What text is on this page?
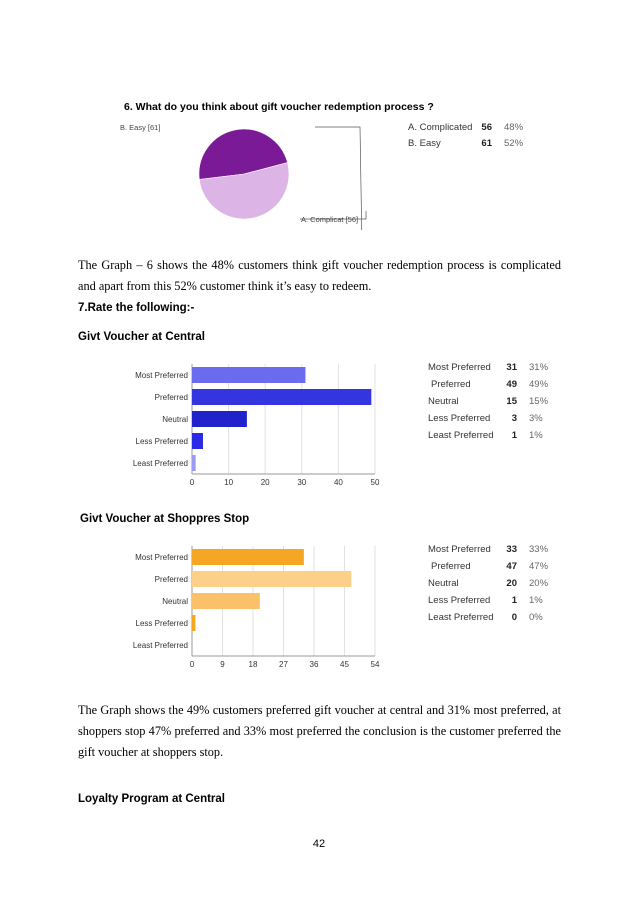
6. What do you think about gift voucher redemption process ?
B. Easy [61]
A. Complicat [56]
A. Complicated 56 48%
B. Easy	61 52%
The Graph – 6 shows the 48% customers think gift voucher redemption process is complicated and apart from this 52% customer think it’s easy to redeem.
7.Rate the following:-
Givt Voucher at Central
0	10	20	30	40	50
Most Preferred
Preferred
Neutral
Less Preferred
Least Preferred
Most Preferred	31 31%
Preferred	49 49%
Neutral	15 15%
Less Preferred	3 3%
Least Preferred	1 1%
Givt Voucher at Shoppres Stop
0	9	18	27	36	45	54
Most Preferred
Preferred
Neutral
Less Preferred
Least Preferred
Most Preferred	33 33%
Preferred	47 47%
Neutral	20 20%
Less Preferred	1 1%
Least Preferred	0 0%
The Graph shows the 49% customers preferred gift voucher at central and 31% most preferred, at shoppers stop 47% preferred and 33% most preferred the conclusion is the customer preferred the gift voucher at shoppers stop.
Loyalty Program at Central
42
